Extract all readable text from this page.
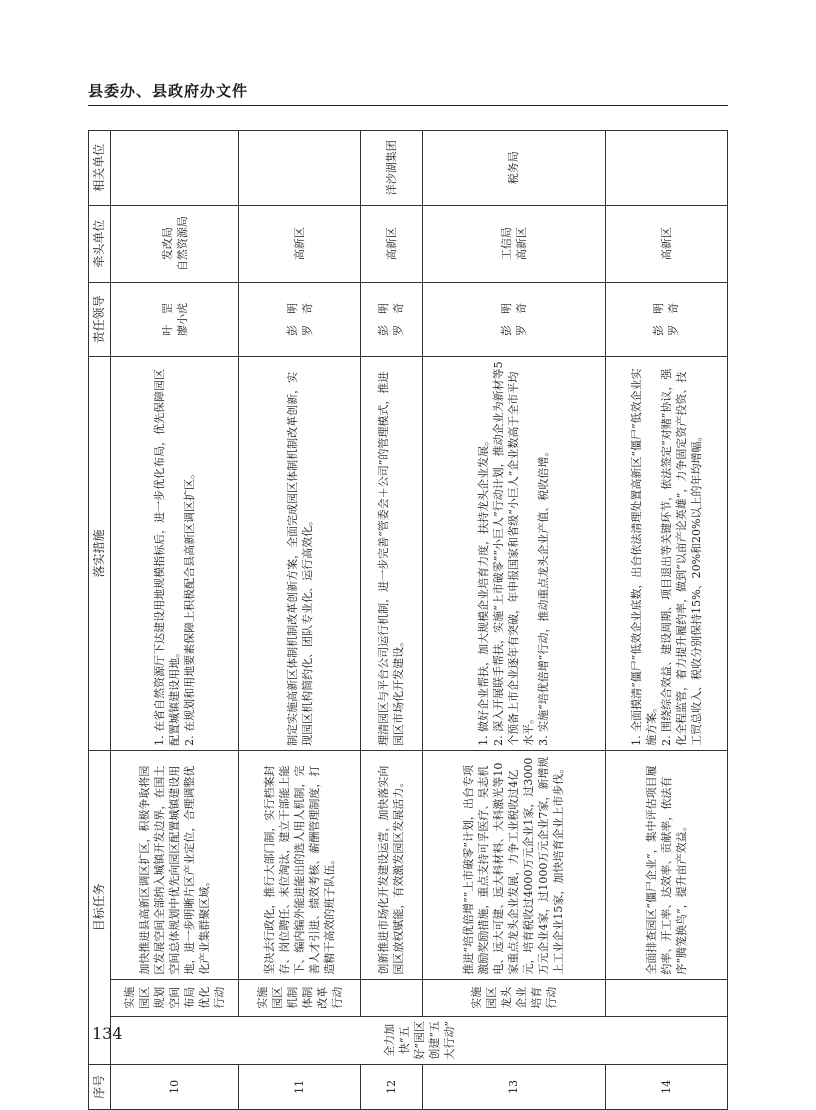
县委办、县政府办文件
序号	目标任务			落实措施	责任领导	牵头单位	相关单位
10	全力加快“五好”园区创建“五大行动”	实施园区规划空间布局优化行动	加快推进县高新区调区扩区，积极争取将园区发展空间全部纳入城镇开发边界，在国土空间总体规划中优先向园区配置城镇建设用地，进一步明晰片区产业定位，合理调整优化产业集群聚区域。	1. 在省自然资源厅下达建设用地规模指标后，进一步优化布局，优先保障园区配置城镇建设用地。 2. 在规划和用地要素保障上积极配合县高新区调区扩区。	叶　罡 廖小虎	发改局 自然资源局	

11		实施园区机制体制改革行动	坚决去行政化，推行大部门制，实行档案封存、岗位聘任、末位淘汰，建立干部能上能下、编内编外能进能出的选人用人机制，完善人才引进、绩效考核、薪酬管理制度，打造精干高效的班子队伍。	制定实施高新区体制机制改革创新方案，全面完成园区体制机制改革创新，实现园区机构简约化、团队专业化、运行高效化。	彭　明 罗　奇	高新区	

12			创新推进市场化开发建设运营，加快落实向园区放权赋能，有效激发园区发展活力。	理清园区与平台公司运行机制，进一步完善“管委会＋公司”的管理模式，推进园区市场化开发建设。	彭　明 罗　奇	高新区	洋沙湖集团
13		实施园区龙头企业培育行动	推进“培优倍增”“上市破零”计划，出台专项激励奖励措施，重点支持可孚医疗、昊志机电、远大可建、远大科材料、大科激光等10家重点龙头企业发展，力争工业税收过4亿元，培育税收过4000万元企业1家，过3000万元企业4家，过1000万元企业7家，新增规上工业企业15家，加快培育企业上市步伐。	1. 做好企业帮扶，加大规模企业培育力度，扶持龙头企业发展。 2. 深入开展联手帮扶，实施“上市破零”“小巨人”行动计划，推动企业为新材等5个预备上市企业逐年有突破，年申报国家和省级“小巨人”企业数高于全市平均水平。 3. 实施“培优倍增”行动，推动重点龙头企业产值、税收倍增。	彭　明 罗　奇	工信局 高新区	税务局
14			全面排查园区“僵尸企业”，集中评估项目履约率、开工率、达效率、贡献率，依法有序“腾笼换鸟”，提升亩产效益。	1. 全面摸清“僵尸”低效企业底数，出台依法清理处置高新区“僵尸”低效企业实施方案。 2. 围绕综合效益、建设周期、项目退出等关键环节，依法签定“对赌”协议，强化全程监管，着力提升履约率，做到“以亩产论英雄”，力争固定资产投资、技工贸总收入、税收分别保持15%、20%和20%以上的年均增幅。	彭　明 罗　奇	高新区	

134
